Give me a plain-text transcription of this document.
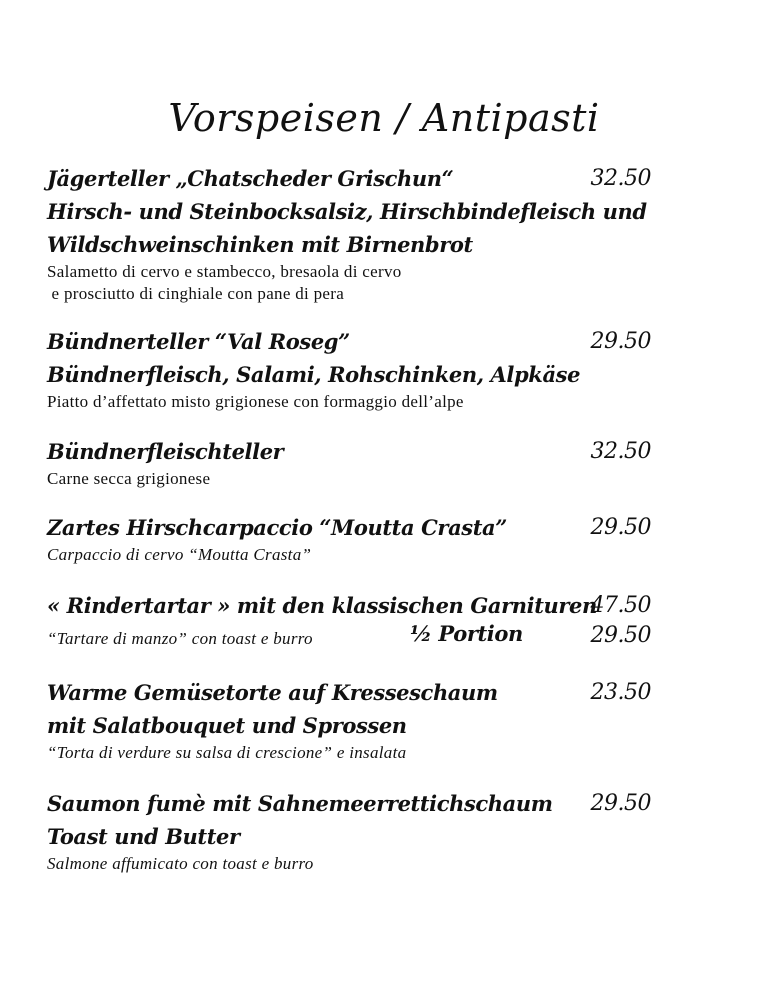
Vorspeisen / Antipasti
Jägerteller „Chatscheder Grischun“
Hirsch- und Steinbocksalsiz, Hirschbindefleisch und
Wildschweinschinken mit Birnenbrot
Salametto di cervo e stambecco, bresaola di cervo
e prosciutto di cinghiale con pane di pera
32.50
Bündnerteller “Val Roseg”
Bündnerfleisch, Salami, Rohschinken, Alpkäse
Piatto d’affettato misto grigionese con formaggio dell’alpe
29.50
Bündnerfleischteller
Carne secca grigionese
32.50
Zartes Hirschcarpaccio “Moutta Crasta”
Carpaccio di cervo “Moutta Crasta”
29.50
« Rindertartar » mit den klassischen Garnituren
“Tartare di manzo” con toast e burro	½ Portion
47.50
29.50
Warme Gemüsetorte auf Kresseschaum
mit Salatbouquet und Sprossen
“Torta di verdure su salsa di crescione” e insalata
23.50
Saumon fumè mit Sahnemeerrettichschaum
Toast und Butter
Salmone affumicato con toast e burro
29.50
